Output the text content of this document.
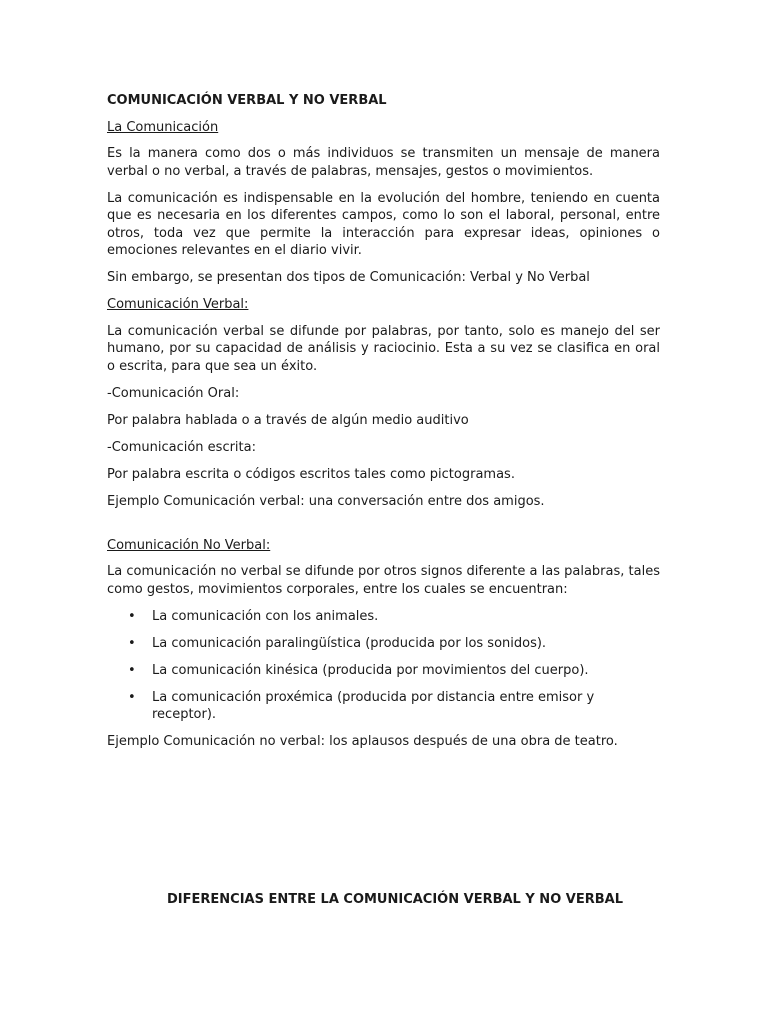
COMUNICACIÓN VERBAL Y NO VERBAL
La Comunicación

Es la manera como dos o más individuos se transmiten un mensaje de manera verbal o no verbal, a través de palabras, mensajes, gestos o movimientos.

La comunicación es indispensable en la evolución del hombre, teniendo en cuenta que es necesaria en los diferentes campos, como lo son el laboral, personal, entre otros, toda vez que permite la interacción para expresar ideas, opiniones o emociones relevantes en el diario vivir.

Sin embargo, se presentan dos tipos de Comunicación: Verbal y No Verbal

Comunicación Verbal:

La comunicación verbal se difunde por palabras, por tanto, solo es manejo del ser humano, por su capacidad de análisis y raciocinio. Esta a su vez se clasifica en oral o escrita, para que sea un éxito.

-Comunicación Oral:

Por palabra hablada o a través de algún medio auditivo

-Comunicación escrita:

Por palabra escrita o códigos escritos tales como pictogramas.

Ejemplo Comunicación verbal: una conversación entre dos amigos.

Comunicación No Verbal:

La comunicación no verbal se difunde por otros signos diferente a las palabras, tales como gestos, movimientos corporales, entre los cuales se encuentran:

• La comunicación con los animales.
• La comunicación paralingüística (producida por los sonidos).
• La comunicación kinésica (producida por movimientos del cuerpo).
• La comunicación proxémica (producida por distancia entre emisor y receptor).

Ejemplo Comunicación no verbal: los aplausos después de una obra de teatro.

DIFERENCIAS ENTRE LA COMUNICACIÓN VERBAL Y NO VERBAL
